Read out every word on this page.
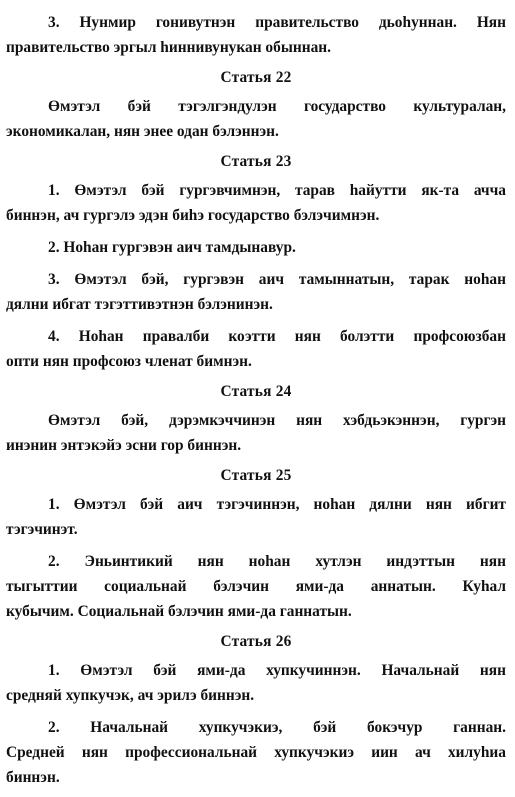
3. Нунмир гонивутнэн правительство дьоhуннан. Нян
правительство эргыл hиннивунукан обыннан.
Статья 22
Өмэтэл бэй тэгэлгэндулэн государство культуралан,
экономикалан, нян энее одан бэлэннэн.
Статья 23
1. Өмэтэл бэй гургэвчимнэн, тарав hайутти як-та аччa
биннэн, ач гургэлэ эдэн биhэ государство бэлэчимнэн.
2. Ноhан гургэвэн аич тамдынавур.
3. Өмэтэл бэй, гургэвэн аич тамыннатын, тарак ноhан
дялни ибгат тэгэттивэтнэн бэлэнинэн.
4. Ноhан правалби коэтти нян болэтти профсоюзбан
опти нян профсоюз членат бимнэн.
Статья 24
Өмэтэл бэй, дэрэмкэччинэн нян хэбдьэкэннэн, гургэн
инэнин энтэкэйэ эсни гор биннэн.
Статья 25
1. Өмэтэл бэй аич тэгэчиннэн, ноhан дялни нян ибгит
тэгэчинэт.
2. Эньинтикий нян ноhан хутлэн индэттын нян
тыгыттии социальнай бэлэчин ями-да аннатын. Куhал
кубычим. Социальнай бэлэчин ями-да ганнатын.
Статья 26
1. Өмэтэл бэй ями-да хупкучиннэн. Начальнай нян
средняй хупкучэк, ач эрилэ биннэн.
2. Начальнай хупкучэкиэ, бэй бокэчур ганнан.
Средней нян профессиональнай хупкучэкиэ иин ач хилуhиа
биннэн.
